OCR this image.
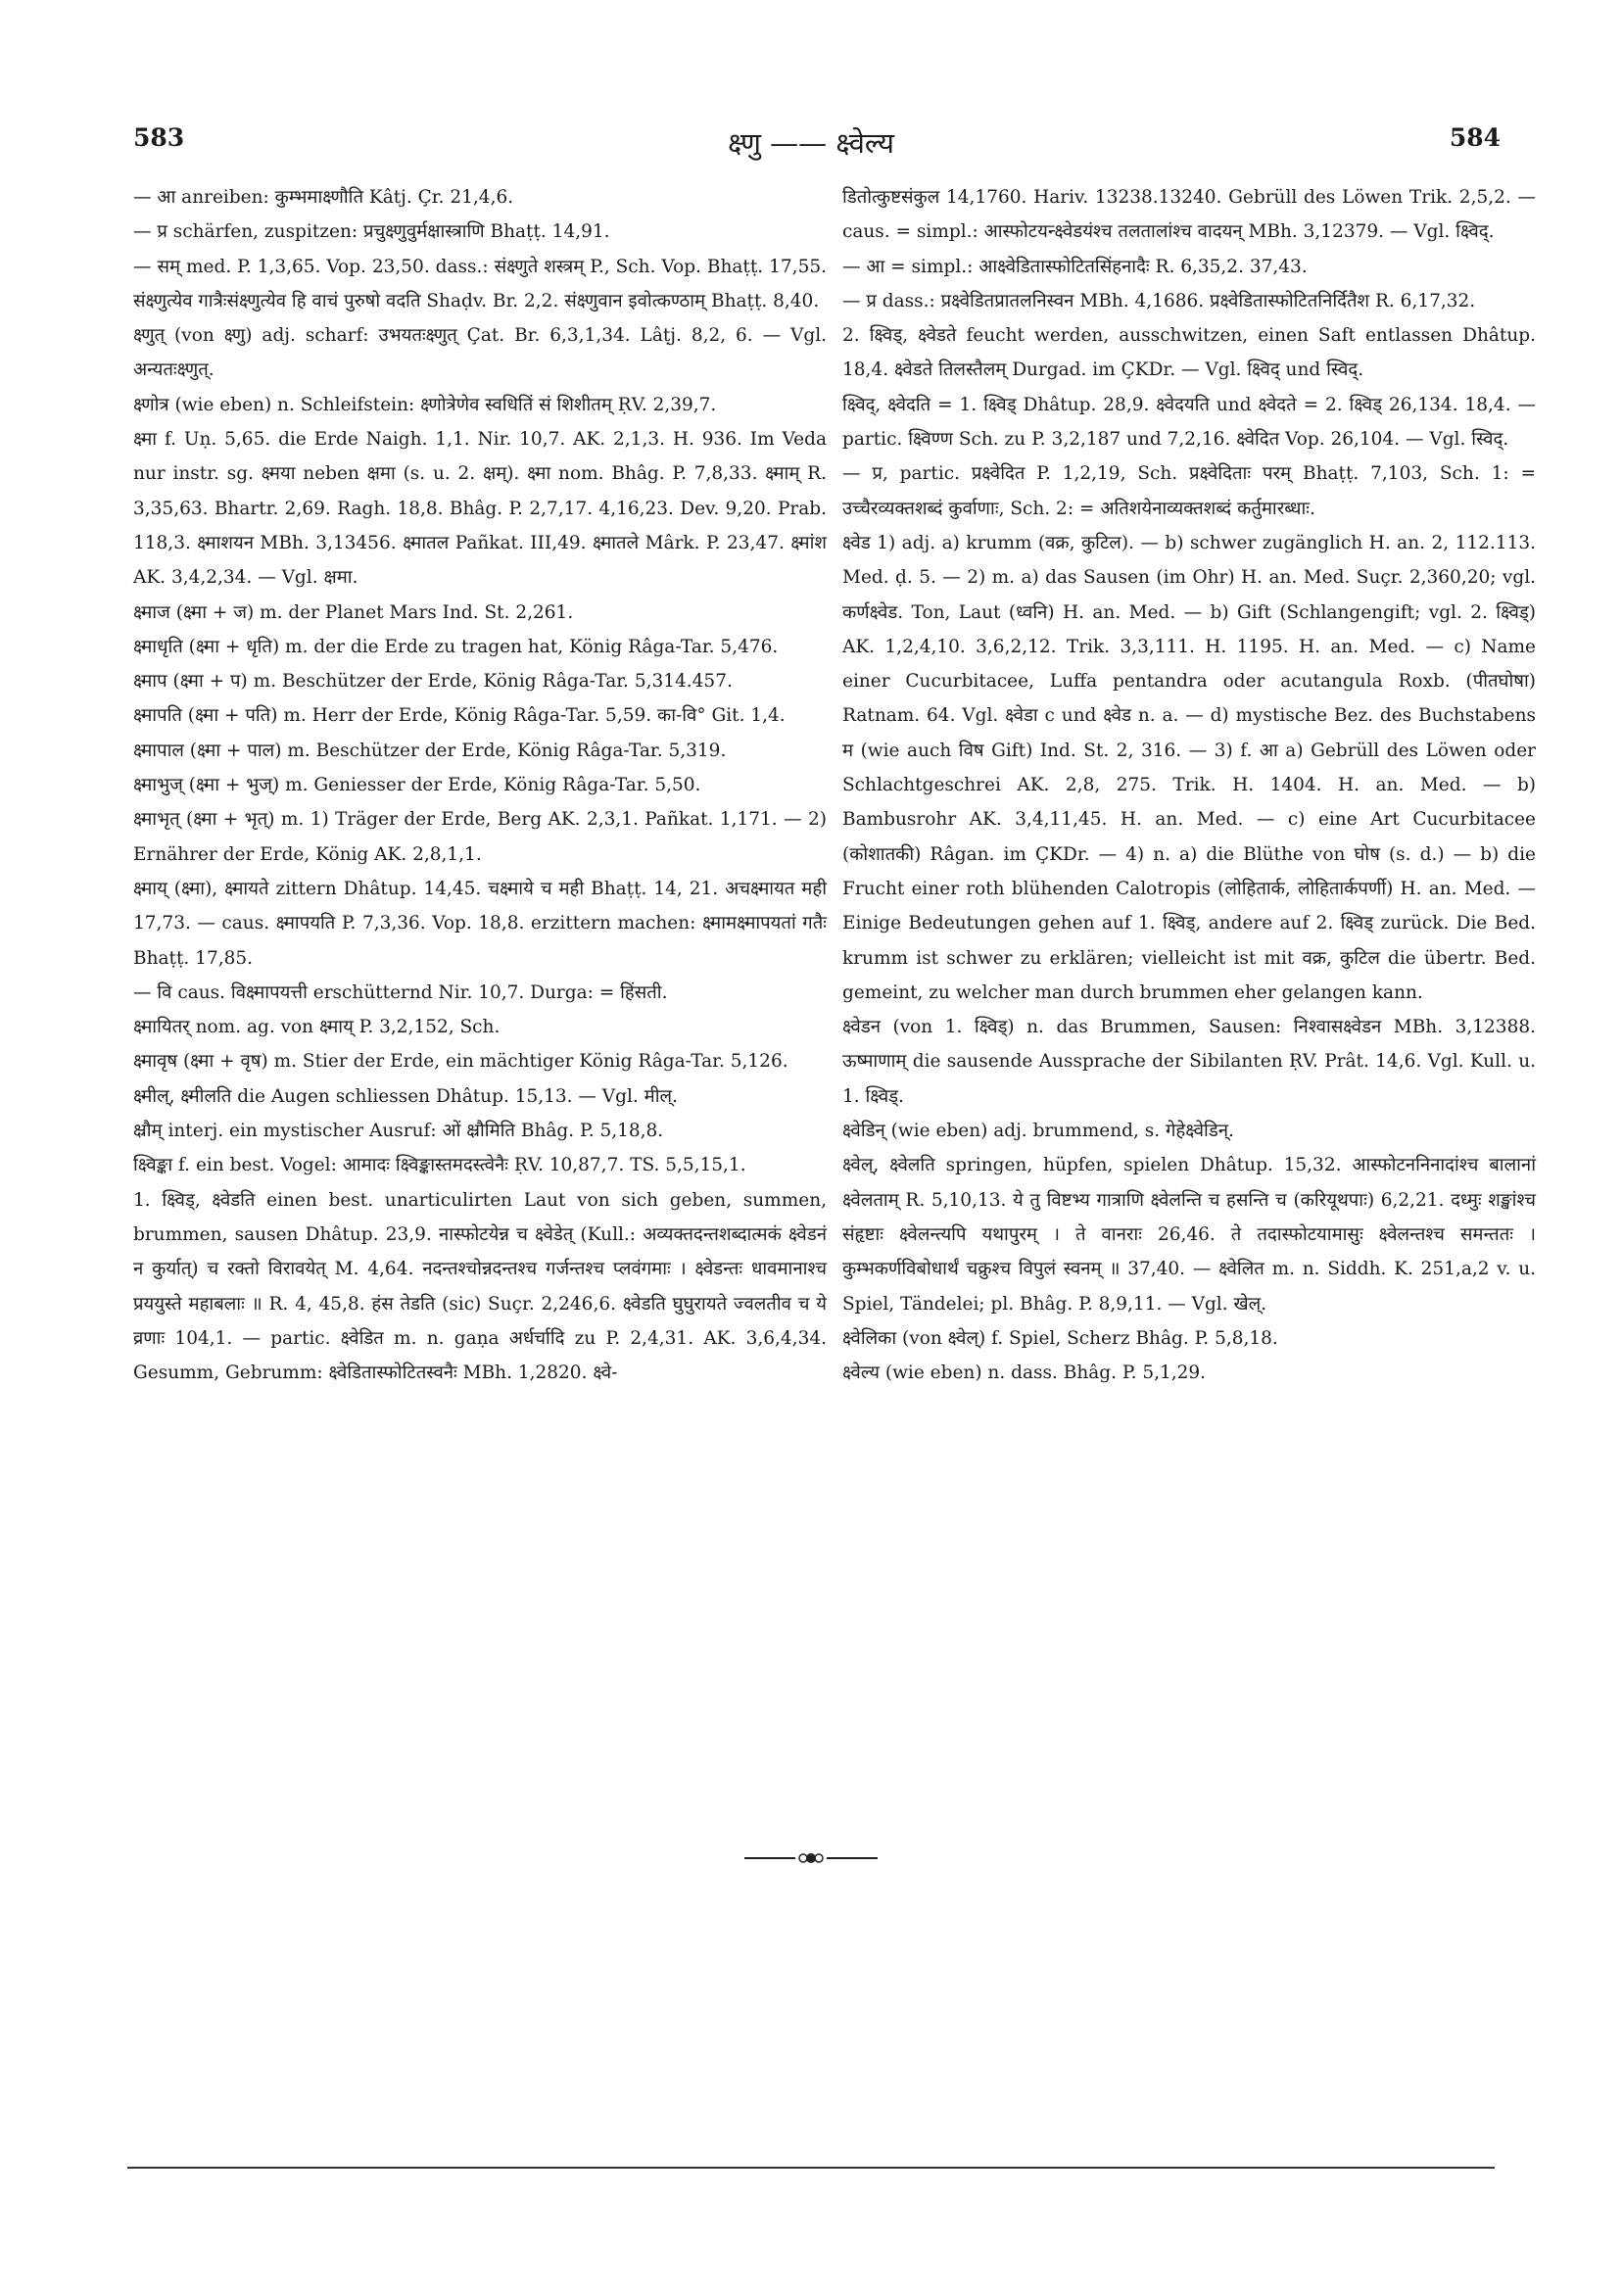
583	क्ष्णु —— क्ष्वेल्य	584

— आ anreiben: कुम्भमाक्ष्णौति Kâtj. Çr. 21,4,6.

— प्र schärfen, zuspitzen: प्रचुक्ष्णुवुर्मक्षास्त्राणि Bhaṭṭ. 14,91.

— सम् med. P. 1,3,65. Vop. 23,50. dass.: संक्ष्णुते शस्त्रम् P., Sch. Vop. Bhaṭṭ. 17,55. संक्ष्णुत्येव गात्रैःसंक्ष्णुत्येव हि वाचं पुरुषो वदति Shaḍv. Br. 2,2. संक्ष्णुवान इवोत्कण्ठाम् Bhaṭṭ. 8,40.

क्ष्णुत् (von क्ष्णु) adj. scharf: उभयतःक्ष्णुत् Çat. Br. 6,3,1,34. Lâṭj. 8,2, 6. — Vgl. अन्यतःक्ष्णुत्.

क्ष्णोत्र (wie eben) n. Schleifstein: क्ष्णोत्रेणेव स्वधितिं सं शिशीतम् ṚV. 2,39,7.

क्ष्मा f. Uṇ. 5,65. die Erde Naigh. 1,1. Nir. 10,7. AK. 2,1,3. H. 936. Im Veda nur instr. sg. क्ष्मया neben क्षमा (s. u. 2. क्षम्). क्ष्मा nom. Bhâg. P. 7,8,33. क्ष्माम् R. 3,35,63. Bhartr. 2,69. Ragh. 18,8. Bhâg. P. 2,7,17. 4,16,23. Dev. 9,20. Prab. 118,3. क्ष्माशयन MBh. 3,13456. क्ष्मातल Pañkat. III,49. क्ष्मातले Mârk. P. 23,47. क्ष्मांश AK. 3,4,2,34. — Vgl. क्षमा.

क्ष्माज (क्ष्मा + ज) m. der Planet Mars Ind. St. 2,261.

क्ष्माधृति (क्ष्मा + धृति) m. der die Erde zu tragen hat, König Râga-Tar. 5,476.

क्ष्माप (क्ष्मा + प) m. Beschützer der Erde, König Râga-Tar. 5,314.457.

क्ष्मापति (क्ष्मा + पति) m. Herr der Erde, König Râga-Tar. 5,59. का-वि° Git. 1,4.

क्ष्मापाल (क्ष्मा + पाल) m. Beschützer der Erde, König Râga-Tar. 5,319.

क्ष्माभुज् (क्ष्मा + भुज्) m. Geniesser der Erde, König Râga-Tar. 5,50.

क्ष्माभृत् (क्ष्मा + भृत्) m. 1) Träger der Erde, Berg AK. 2,3,1. Pañkat. 1,171. — 2) Ernährer der Erde, König AK. 2,8,1,1.

क्ष्माय् (क्ष्मा), क्ष्मायते zittern Dhâtup. 14,45. चक्ष्माये च मही Bhaṭṭ. 14, 21. अचक्ष्मायत मही 17,73. — caus. क्ष्मापयति P. 7,3,36. Vop. 18,8. erzittern machen: क्ष्मामक्ष्मापयतां गतैः Bhaṭṭ. 17,85.

— वि caus. विक्ष्मापयत्ती erschütternd Nir. 10,7. Durga: = हिंसती.

क्ष्मायितर् nom. ag. von क्ष्माय् P. 3,2,152, Sch.

क्ष्मावृष (क्ष्मा + वृष) m. Stier der Erde, ein mächtiger König Râga-Tar. 5,126.

क्ष्मील्, क्ष्मीलति die Augen schliessen Dhâtup. 15,13. — Vgl. मील्.

क्ष्रौम् interj. ein mystischer Ausruf: ओं क्ष्रौमिति Bhâg. P. 5,18,8.

क्ष्विङ्का f. ein best. Vogel: आमादः क्ष्विङ्कास्तमदस्त्वेनैः ṚV. 10,87,7. TS. 5,5,15,1.

1. क्ष्विड्, क्ष्वेडति einen best. unarticulirten Laut von sich geben, summen, brummen, sausen Dhâtup. 23,9. नास्फोटयेन्न च क्ष्वेडेत् (Kull.: अव्यक्तदन्तशब्दात्मकं क्ष्वेडनं न कुर्यात्) च रक्तो विरावयेत् M. 4,64. नदन्तश्चोन्नदन्तश्च गर्जन्तश्च प्लवंगमाः । क्ष्वेडन्तः धावमानाश्च प्रययुस्ते महाबलाः ॥ R. 4, 45,8. हंस तेडति (sic) Suçr. 2,246,6. क्ष्वेडति घुघुरायते ज्वलतीव च ये व्रणाः 104,1. — partic. क्ष्वेडित m. n. gaṇa अर्धर्चादि zu P. 2,4,31. AK. 3,6,4,34. Gesumm, Gebrumm: क्ष्वेडितास्फोटितस्वनैः MBh. 1,2820. क्ष्वे-

डितोत्कुष्टसंकुल 14,1760. Hariv. 13238.13240. Gebrüll des Löwen Trik. 2,5,2. — caus. = simpl.: आस्फोटयन्क्ष्वेडयंश्च तलतालांश्च वादयन् MBh. 3,12379. — Vgl. क्ष्विद्.

— आ = simpl.: आक्ष्वेडितास्फोटितसिंहनादैः R. 6,35,2. 37,43.

— प्र dass.: प्रक्ष्वेडितप्रातलनिस्वन MBh. 4,1686. प्रक्ष्वेडितास्फोटितनिर्दितैश R. 6,17,32.

2. क्ष्विड्, क्ष्वेडते feucht werden, ausschwitzen, einen Saft entlassen Dhâtup. 18,4. क्ष्वेडते तिलस्तैलम् Durgad. im ÇKDr. — Vgl. क्ष्विद् und स्विद्.

क्ष्विद्, क्ष्वेदति = 1. क्ष्विड् Dhâtup. 28,9. क्ष्वेदयति und क्ष्वेदते = 2. क्ष्विड् 26,134. 18,4. — partic. क्ष्विण्ण Sch. zu P. 3,2,187 und 7,2,16. क्ष्वेदित Vop. 26,104. — Vgl. स्विद्.

— प्र, partic. प्रक्ष्वेदित P. 1,2,19, Sch. प्रक्ष्वेदिताः परम् Bhaṭṭ. 7,103, Sch. 1: = उच्चैरव्यक्तशब्दं कुर्वाणाः, Sch. 2: = अतिशयेनाव्यक्तशब्दं कर्तुमारब्धाः.

क्ष्वेड 1) adj. a) krumm (वक्र, कुटिल). — b) schwer zugänglich H. an. 2, 112.113. Med. ḍ. 5. — 2) m. a) das Sausen (im Ohr) H. an. Med. Suçr. 2,360,20; vgl. कर्णक्ष्वेड. Ton, Laut (ध्वनि) H. an. Med. — b) Gift (Schlangengift; vgl. 2. क्ष्विड्) AK. 1,2,4,10. 3,6,2,12. Trik. 3,3,111. H. 1195. H. an. Med. — c) Name einer Cucurbitacee, Luffa pentandra oder acutangula Roxb. (पीतघोषा) Ratnam. 64. Vgl. क्ष्वेडा c und क्ष्वेड n. a. — d) mystische Bez. des Buchstabens म (wie auch विष Gift) Ind. St. 2, 316. — 3) f. आ a) Gebrüll des Löwen oder Schlachtgeschrei AK. 2,8, 275. Trik. H. 1404. H. an. Med. — b) Bambusrohr AK. 3,4,11,45. H. an. Med. — c) eine Art Cucurbitacee (कोशातकी) Râgan. im ÇKDr. — 4) n. a) die Blüthe von घोष (s. d.) — b) die Frucht einer roth blühenden Calotropis (लोहितार्क, लोहितार्कपर्णी) H. an. Med. — Einige Bedeutungen gehen auf 1. क्ष्विड्, andere auf 2. क्ष्विड् zurück. Die Bed. krumm ist schwer zu erklären; vielleicht ist mit वक्र, कुटिल die übertr. Bed. gemeint, zu welcher man durch brummen eher gelangen kann.

क्ष्वेडन (von 1. क्ष्विड्) n. das Brummen, Sausen: निश्वासक्ष्वेडन MBh. 3,12388. ऊष्माणाम् die sausende Aussprache der Sibilanten ṚV. Prât. 14,6. Vgl. Kull. u. 1. क्ष्विड्.

क्ष्वेडिन् (wie eben) adj. brummend, s. गेहेक्ष्वेडिन्.

क्ष्वेल्, क्ष्वेलति springen, hüpfen, spielen Dhâtup. 15,32. आस्फोटननिनादांश्च बालानां क्ष्वेलताम् R. 5,10,13. ये तु विष्टभ्य गात्राणि क्ष्वेलन्ति च हसन्ति च (करियूथपाः) 6,2,21. दध्मुः शङ्खांश्च संहृष्टाः क्ष्वेलन्त्यपि यथापुरम् । ते वानराः 26,46. ते तदास्फोटयामासुः क्ष्वेलन्तश्च समन्ततः । कुम्भकर्णविबोधार्थं चक्रुश्च विपुलं स्वनम् ॥ 37,40. — क्ष्वेलित m. n. Siddh. K. 251,a,2 v. u. Spiel, Tändelei; pl. Bhâg. P. 8,9,11. — Vgl. खेल्.

क्ष्वेलिका (von क्ष्वेल्) f. Spiel, Scherz Bhâg. P. 5,8,18.

क्ष्वेल्य (wie eben) n. dass. Bhâg. P. 5,1,29.
